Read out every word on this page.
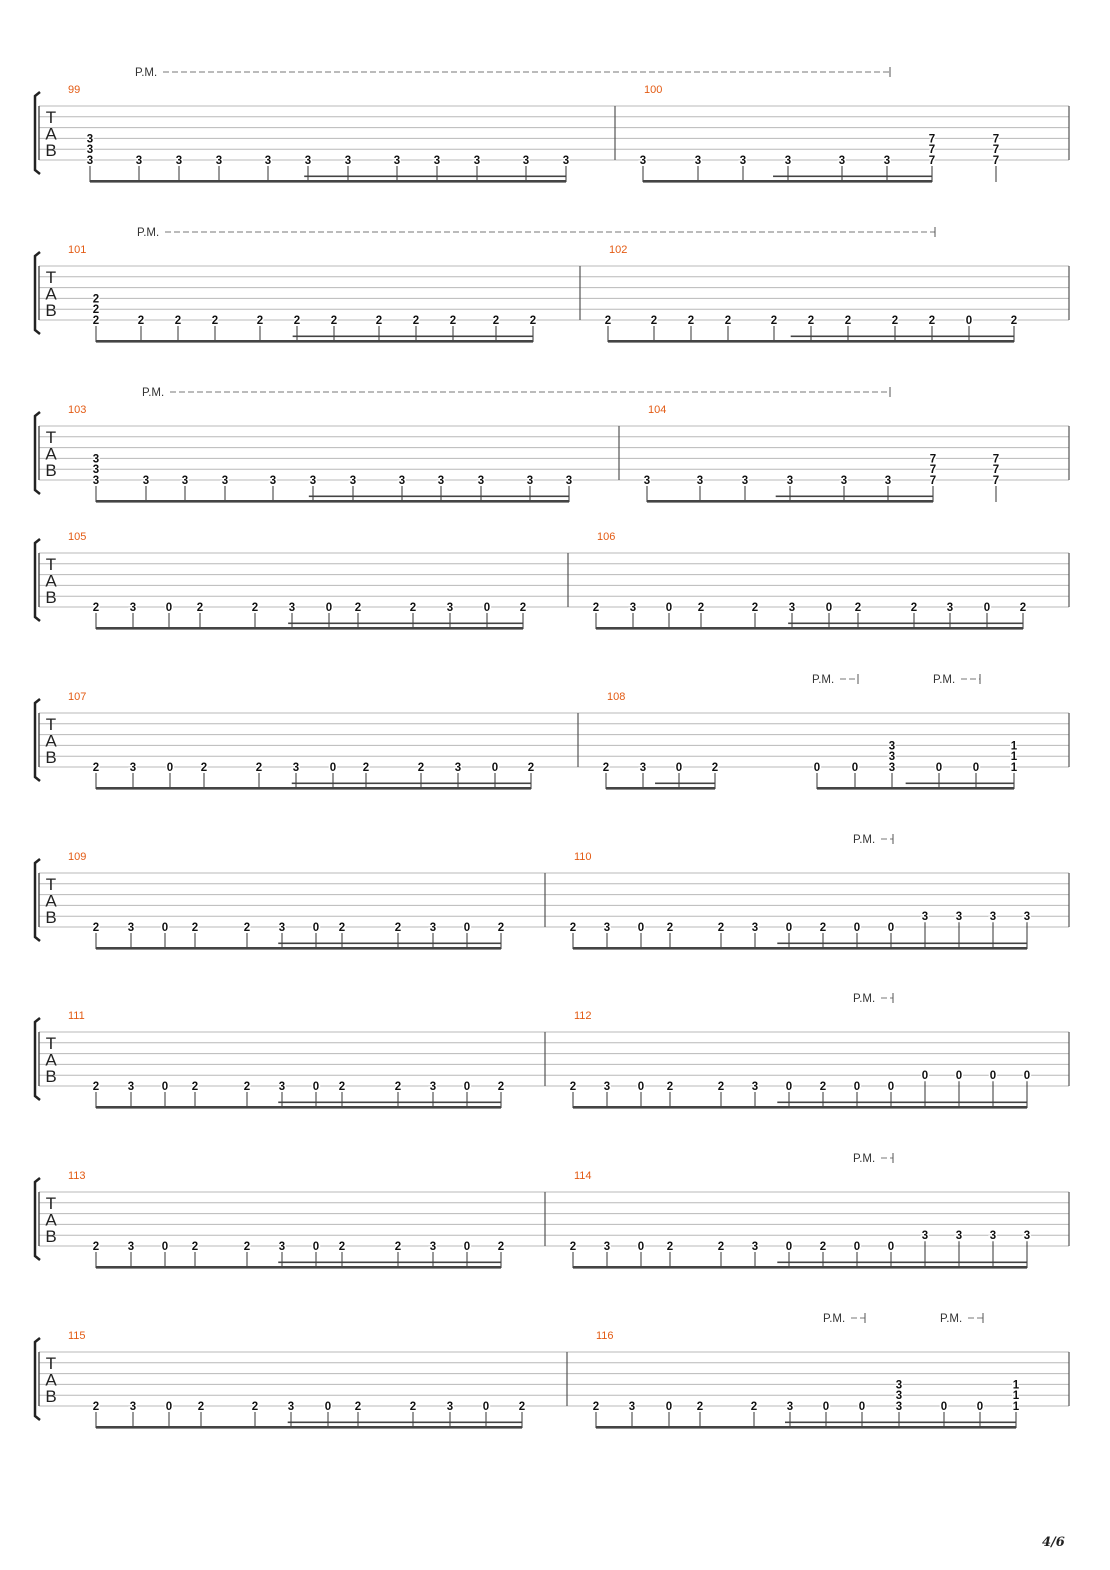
T
A
B
P.M.
99
3
3
3	3	3	3	3	3	3	3	3	3	3	3
100
3	3	3	3	3	3
7
7
7
7
7
7
T
A
B
P.M.
101
2
2
2	2	2	2	2	2	2	2	2	2	2	2
102
2	2	2	2	2	2	2	2	2	0	2
T
A
B
P.M.
103
3
3
3	3	3	3	3	3	3	3	3	3	3	3
104
3	3	3	3	3	3
7
7
7
7
7
7
T
A
B
105
2	3	0 2	2	3	0 2	2	3	0	2
106
2	3	0 2	2	3	0 2	2	3	0	2
T
A
B
P.M.	P.M.
107
2	3	0 2	2	3	0 2	2	3	0	2
108
2	3	0	2	0	0
3
3
3	0	0
1
1
1
T
A
B
P.M.
109
2 3 0 2	2 3 0 2	2 3 0 2
110
2 3 0 2	2 3 0 2 0 0
3 3 3 3
T
A
B
P.M.
111
2 3 0 2	2 3 0 2	2 3 0 2
112
2 3 0 2	2 3 0 2 0 0
0 0 0 0
T
A
B
P.M.
113
2 3 0 2	2 3 0 2	2 3 0 2
114
2 3 0 2	2 3 0 2 0 0
3 3 3 3
T
A
B
P.M.	P.M.
115
2	3	0 2	2	3	0 2	2	3	0	2
116
2	3	0 2	2	3	0	0
3
3
3	0	0
1
1
1
4/6
